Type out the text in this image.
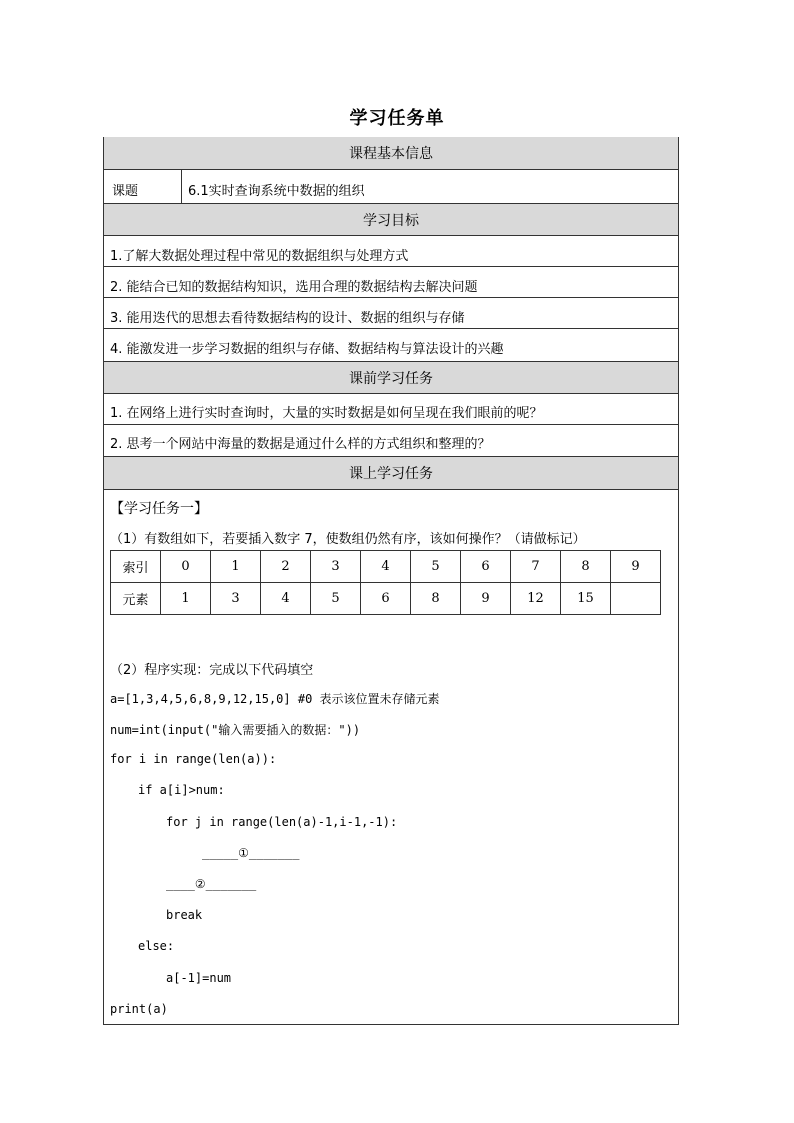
学习任务单
课程基本信息
课题	6.1实时查询系统中数据的组织
学习目标
1.了解大数据处理过程中常见的数据组织与处理方式
2. 能结合已知的数据结构知识，选用合理的数据结构去解决问题
3. 能用迭代的思想去看待数据结构的设计、数据的组织与存储
4. 能激发进一步学习数据的组织与存储、数据结构与算法设计的兴趣
课前学习任务
1. 在网络上进行实时查询时，大量的实时数据是如何呈现在我们眼前的呢？
2. 思考一个网站中海量的数据是通过什么样的方式组织和整理的？
课上学习任务
【学习任务一】
（1）有数组如下，若要插入数字 7，使数组仍然有序，该如何操作？（请做标记）
索引	0	1	2	3	4	5	6	7	8	9
元素	1	3	4	5	6	8	9	12	15	
（2）程序实现：完成以下代码填空
a=[1,3,4,5,6,8,9,12,15,0] #0 表示该位置未存储元素
num=int(input("输入需要插入的数据："))
for i in range(len(a)):
if a[i]>num:
for j in range(len(a)-1,i-1,-1):
_____①_______
____②_______
break
else:
a[-1]=num
print(a)
